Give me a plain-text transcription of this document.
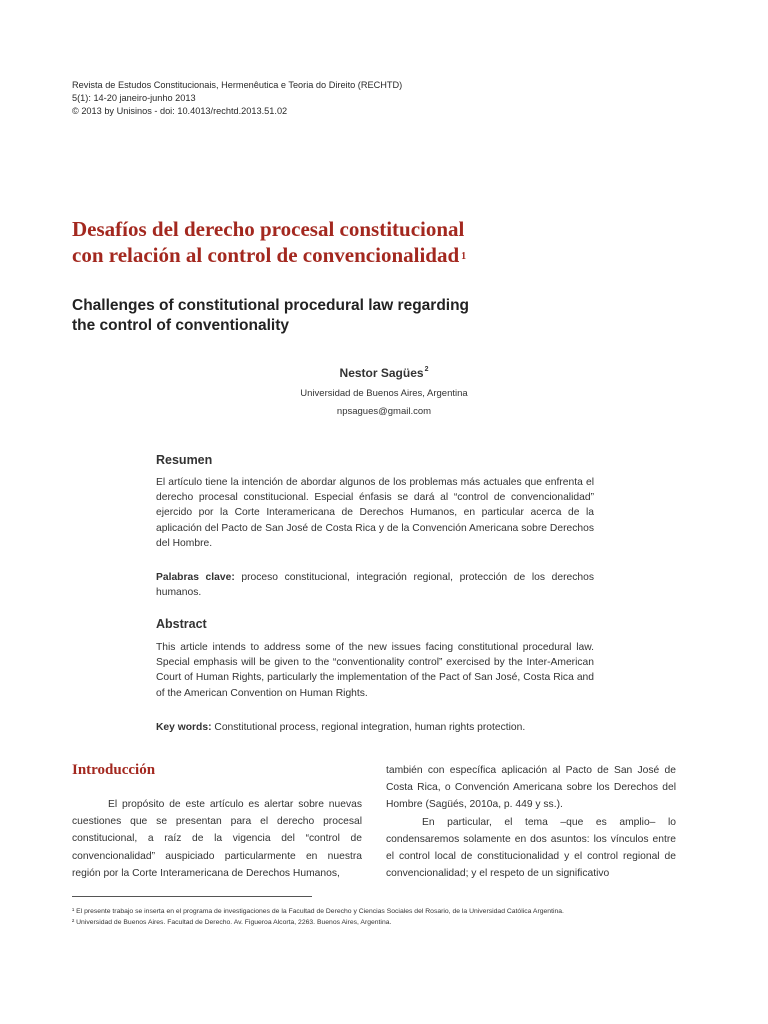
Revista de Estudos Constitucionais, Hermenêutica e Teoria do Direito (RECHTD)
5(1): 14-20 janeiro-junho 2013
© 2013 by Unisinos - doi: 10.4013/rechtd.2013.51.02
Desafíos del derecho procesal constitucional
con relación al control de convencionalidad $^1$
Challenges of constitutional procedural law regarding
the control of conventionality
Nestor Sagües$^2$
Universidad de Buenos Aires, Argentina
npsagues@gmail.com
Resumen
El artículo tiene la intención de abordar algunos de los problemas más actuales que enfrenta el derecho procesal constitucional. Especial énfasis se dará al “control de convencionalidad” ejercido por la Corte Interamericana de Derechos Humanos, en particular acerca de la aplicación del Pacto de San José de Costa Rica y de la Convención Americana sobre Derechos del Hombre.
Palabras clave: proceso constitucional, integración regional, protección de los derechos humanos.
Abstract
This article intends to address some of the new issues facing constitutional procedural law. Special emphasis will be given to the “conventionality control” exercised by the Inter-American Court of Human Rights, particularly the implementation of the Pact of San José, Costa Rica and of the American Convention on Human Rights.
Key words: Constitutional process, regional integration, human rights protection.
Introducción

El propósito de este artículo es alertar sobre nuevas cuestiones que se presentan para el derecho procesal constitucional, a raíz de la vigencia del “control de convencionalidad” auspiciado particularmente en nuestra región por la Corte Interamericana de Derechos Humanos,

también con específica aplicación al Pacto de San José de Costa Rica, o Convención Americana sobre los Derechos del Hombre (Sagüés, 2010a, p. 449 y ss.).

En particular, el tema –que es amplio– lo condensaremos solamente en dos asuntos: los vínculos entre el control local de constitucionalidad y el control regional de convencionalidad; y el respeto de un significativo

¹ El presente trabajo se inserta en el programa de investigaciones de la Facultad de Derecho y Ciencias Sociales del Rosario, de la Universidad Católica Argentina.
² Universidad de Buenos Aires. Facultad de Derecho. Av. Figueroa Alcorta, 2263. Buenos Aires, Argentina.
